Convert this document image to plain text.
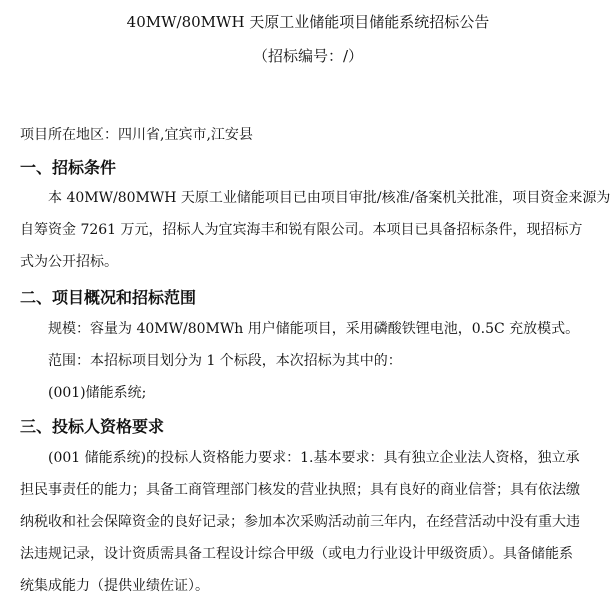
40MW/80MWH 天原工业储能项目储能系统招标公告
（招标编号：/）
项目所在地区：四川省,宜宾市,江安县
一、招标条件
本 40MW/80MWH 天原工业储能项目已由项目审批/核准/备案机关批准，项目资金来源为
自筹资金 7261 万元，招标人为宜宾海丰和锐有限公司。本项目已具备招标条件，现招标方
式为公开招标。
二、项目概况和招标范围
规模：容量为 40MW/80MWh 用户储能项目，采用磷酸铁锂电池，0.5C 充放模式。
范围：本招标项目划分为 1 个标段，本次招标为其中的：
(001)储能系统;
三、投标人资格要求
(001 储能系统)的投标人资格能力要求：1.基本要求：具有独立企业法人资格，独立承
担民事责任的能力；具备工商管理部门核发的营业执照；具有良好的商业信誉；具有依法缴
纳税收和社会保障资金的良好记录；参加本次采购活动前三年内，在经营活动中没有重大违
法违规记录，设计资质需具备工程设计综合甲级（或电力行业设计甲级资质）。具备储能系
统集成能力（提供业绩佐证）。
